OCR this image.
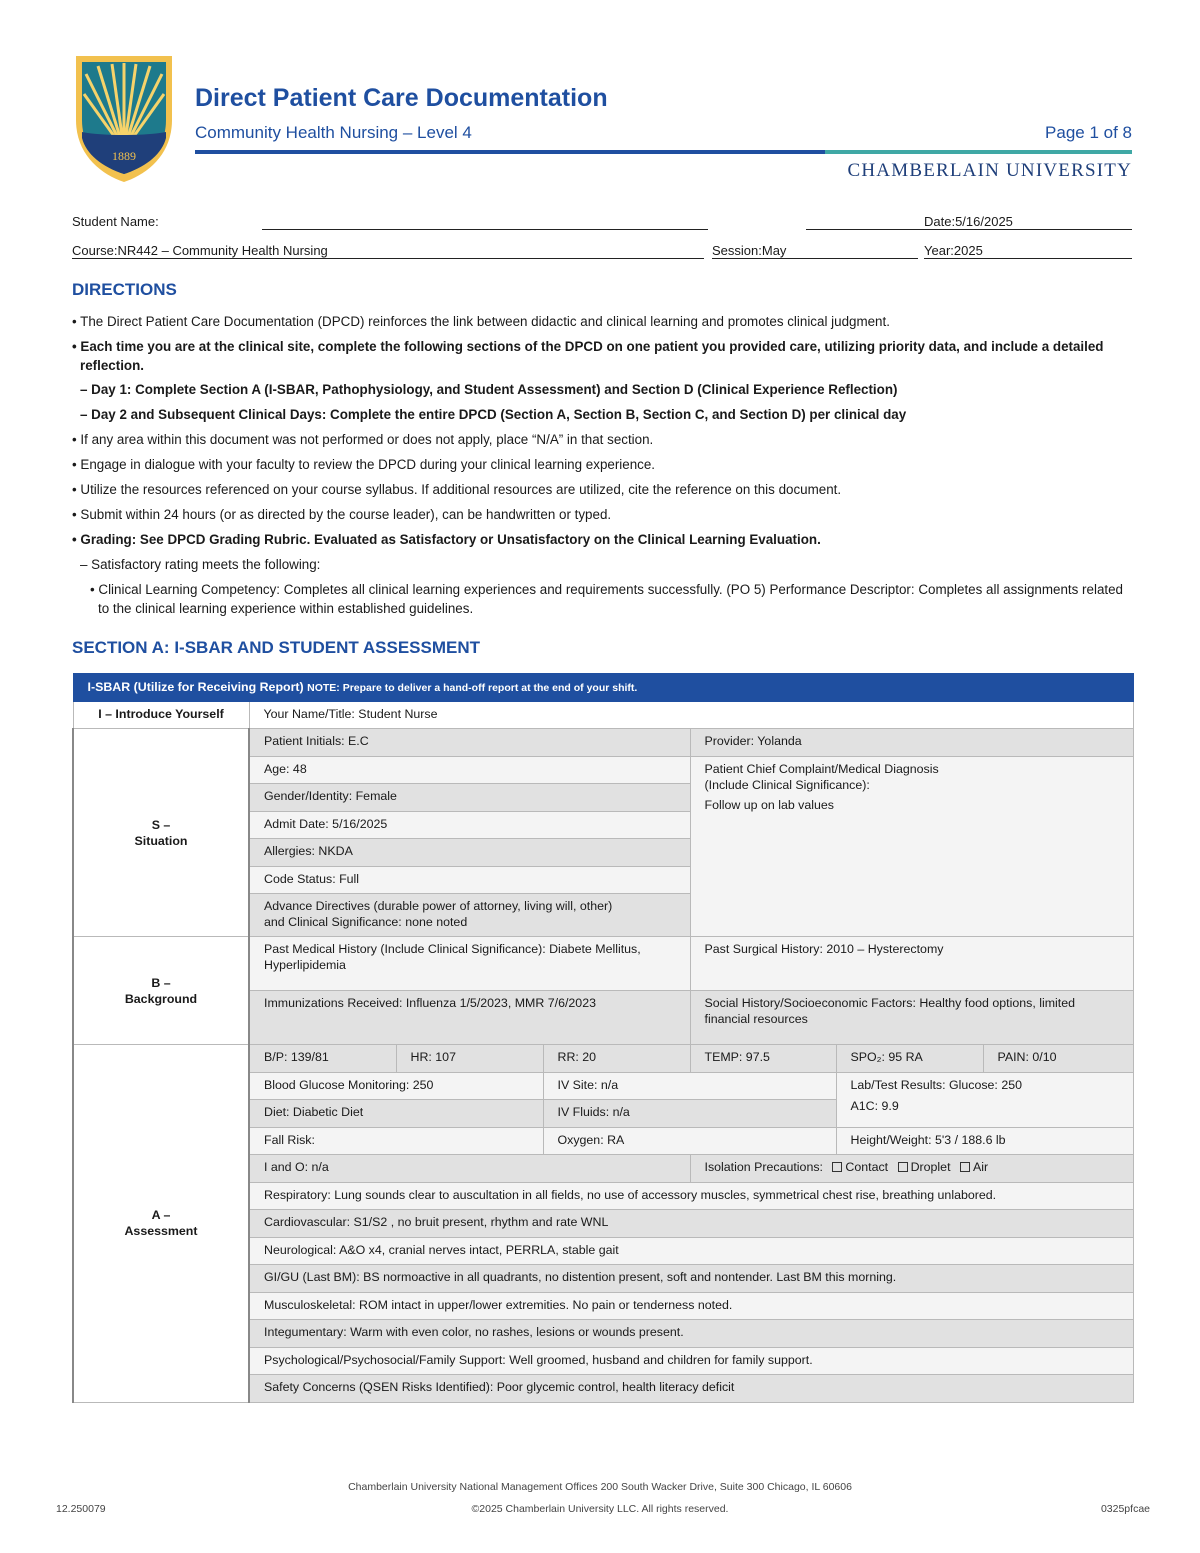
1889
Direct Patient Care Documentation
Community Health Nursing – Level 4	Page 1 of 8
CHAMBERLAIN UNIVERSITY
Student Name:	Date:5/16/2025
Course:NR442 – Community Health Nursing	Session:May	Year:2025
DIRECTIONS

• The Direct Patient Care Documentation (DPCD) reinforces the link between didactic and clinical learning and promotes clinical judgment.

• Each time you are at the clinical site, complete the following sections of the DPCD on one patient you provided care, utilizing priority data, and include a detailed reflection.

– Day 1: Complete Section A (I-SBAR, Pathophysiology, and Student Assessment) and Section D (Clinical Experience Reflection)

– Day 2 and Subsequent Clinical Days: Complete the entire DPCD (Section A, Section B, Section C, and Section D) per clinical day

• If any area within this document was not performed or does not apply, place “N/A” in that section.

• Engage in dialogue with your faculty to review the DPCD during your clinical learning experience.

• Utilize the resources referenced on your course syllabus. If additional resources are utilized, cite the reference on this document.

• Submit within 24 hours (or as directed by the course leader), can be handwritten or typed.

• Grading: See DPCD Grading Rubric. Evaluated as Satisfactory or Unsatisfactory on the Clinical Learning Evaluation.

– Satisfactory rating meets the following:

• Clinical Learning Competency: Completes all clinical learning experiences and requirements successfully. (PO 5) Performance Descriptor: Completes all assignments related to the clinical learning experience within established guidelines.

SECTION A: I-SBAR AND STUDENT ASSESSMENT
I-SBAR (Utilize for Receiving Report) NOTE: Prepare to deliver a hand-off report at the end of your shift.						
I – Introduce Yourself	Your Name/Title: Student Nurse					
S –
Situation	Patient Initials: E.C			Provider: Yolanda		
	Age: 48			Patient Chief Complaint/Medical Diagnosis
(Include Clinical Significance):
Follow up on lab values		

	Gender/Identity: Female					
	Admit Date: 5/16/2025					
	Allergies: NKDA					
	Code Status: Full					

	Advance Directives (durable power of attorney, living will, other)
and Clinical Significance: none noted					

B –
Background	Past Medical History (Include Clinical Significance): Diabete Mellitus, Hyperlipidemia			Past Surgical History: 2010 – Hysterectomy		
	Immunizations Received: Influenza 1/5/2023, MMR 7/6/2023			Social History/Socioeconomic Factors: Healthy food options, limited financial resources		
A –
Assessment	B/P: 139/81	HR: 107	RR: 20	TEMP: 97.5	SPO₂: 95 RA	PAIN: 0/10
	Blood Glucose Monitoring: 250		IV Site: n/a		Lab/Test Results: Glucose: 250
A1C: 9.9	

	Diet: Diabetic Diet		IV Fluids: n/a			
	Fall Risk:		Oxygen: RA		Height/Weight: 5'3 / 188.6 lb	
	I and O: n/a			Isolation Precautions: Contact Droplet Air		
	Respiratory: Lung sounds clear to auscultation in all fields, no use of accessory muscles, symmetrical chest rise, breathing unlabored.					
	Cardiovascular: S1/S2 , no bruit present, rhythm and rate WNL					
	Neurological: A&O x4, cranial nerves intact, PERRLA, stable gait					
	GI/GU (Last BM): BS normoactive in all quadrants, no distention present, soft and nontender. Last BM this morning.					
	Musculoskeletal: ROM intact in upper/lower extremities. No pain or tenderness noted.					
	Integumentary: Warm with even color, no rashes, lesions or wounds present.					
	Psychological/Psychosocial/Family Support: Well groomed, husband and children for family support.					
	Safety Concerns (QSEN Risks Identified): Poor glycemic control, health literacy deficit					
Chamberlain University National Management Offices 200 South Wacker Drive, Suite 300 Chicago, IL 60606
12.250079	©2025 Chamberlain University LLC. All rights reserved.	0325pfcae
